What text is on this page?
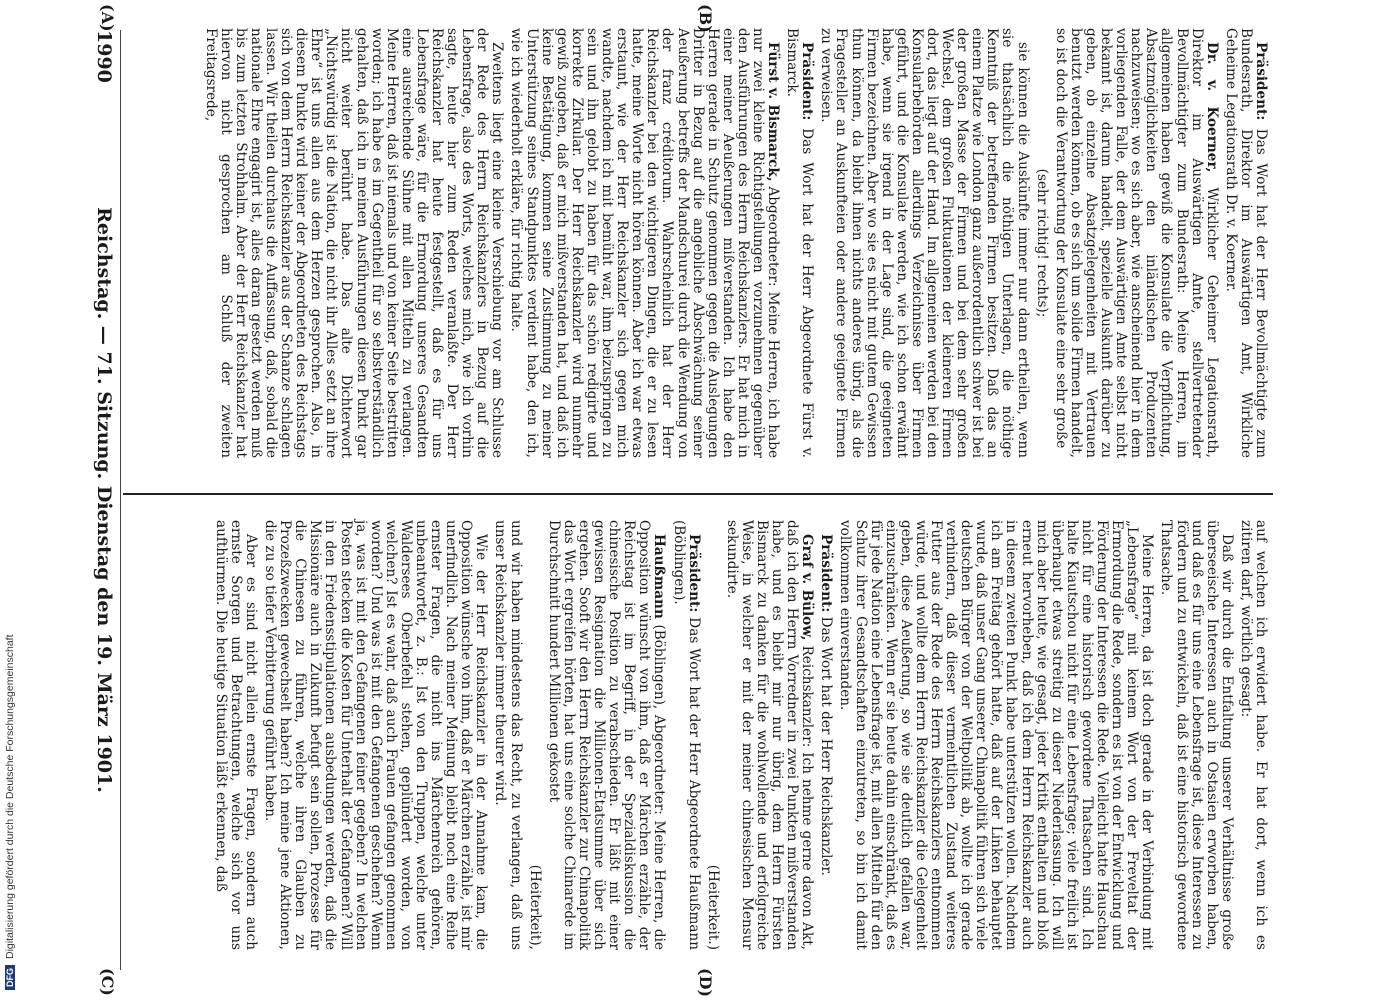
(A)	(B)
(C)	(D)
1990
Reichstag. — 71. Sitzung. Dienstag den 19. März 1901.

Präsident: Das Wort hat der Herr Bevollmächtigte zum Bundesrath, Direktor im Auswärtigen Amt, Wirkliche Geheime Legationsrath Dr. v. Koerner.

Dr. v. Koerner, Wirklicher Geheimer Legationsrath, Direktor im Auswärtigen Amte, stellvertretender Bevollmächtigter zum Bundesrath: Meine Herren, im allgemeinen haben gewiß die Konsulate die Verpflichtung, Absatzmöglichkeiten den inländischen Produzenten nachzuweisen; wo es sich aber, wie anscheinend hier in dem vorliegenden Falle, der dem Auswärtigen Amte selbst nicht bekannt ist, darum handelt, spezielle Auskunft darüber zu geben, ob einzelne Absatzgelegenheiten mit Vertrauen benutzt werden können, ob es sich um solide Firmen handelt, so ist doch die Verantwortung der Konsulate eine sehr große

(sehr richtig! rechts);

sie können die Auskünfte immer nur dann ertheilen, wenn sie thatsächlich die nöthigen Unterlagen, die nöthige Kenntniß der betreffenden Firmen besitzen. Daß das an einem Platze wie London ganz außerordentlich schwer ist bei der großen Masse der Firmen und bei dem sehr großen Wechsel, dem großen Fluktuationen der kleineren Firmen dort, das liegt auf der Hand. Im allgemeinen werden bei den Konsularbehörden allerdings Verzeichnisse über Firmen geführt, und die Konsulate werden, wie ich schon erwähnt habe, wenn sie irgend in der Lage sind, die geeigneten Firmen bezeichnen. Aber wo sie es nicht mit gutem Gewissen thun können, da bleibt ihnen nichts anderes übrig, als die Fragesteller an Auskunfteien oder andere geeignete Firmen zu verweisen.

Präsident: Das Wort hat der Herr Abgeordnete Fürst v. Bismarck.

Fürst v. Bismarck, Abgeordneter: Meine Herren, ich habe nur zwei kleine Richtigstellungen vorzunehmen gegenüber den Ausführungen des Herrn Reichskanzlers. Er hat mich in einer meiner Aeußerungen mißverstanden. Ich habe den Herren gerade in Schutz genommen gegen die Auslegungen Dritter in Bezug auf die angebliche Abschwächung seiner Aeußerung betreffs der Mandschurei durch die Wendung von der franz créditorum. Wahrscheinlich hat der Herr Reichskanzler bei den wichtigeren Dingen, die er zu lesen hatte, meine Worte nicht hören können. Aber ich war etwas erstaunt, wie der Herr Reichskanzler sich gegen mich wandte, nachdem ich mit bemüht war, ihm beizuspringen zu sein und ihn gelobt zu haben für das schön redigirte und korrekte Zirkular. Der Herr Reichskanzler wird nunmehr gewiß zugeben, daß er mich mißverstanden hat, und daß ich keine Bestätigung, kommen seine Zustimmung zu meiner Unterstützung seines Standpunktes verdient habe, den ich, wie ich wiederholt erkläre, für richtig halte.

Zweitens liegt eine kleine Verschiebung vor am Schlusse der Rede des Herrn Reichskanzlers in Bezug auf die Lebensfrage, also des Worts, welches mich, wie ich vorhin sagte, heute hier zum Reden veranlaßte. Der Herr Reichskanzler hat heute festgestellt, daß es für uns Lebensfrage wäre, für die Ermordung unseres Gesandten eine ausreichende Sühne mit allen Mitteln zu verlangen. Meine Herren, daß ist niemals und von keiner Seite bestritten worden; ich habe es im Gegentheil für so selbstverständlich gehalten, daß ich in meinen Ausführungen diesen Punkt gar nicht weiter berührt habe. Das alte Dichterwort „Nichtswürdig ist die Nation, die nicht ihr Alles setzt an ihre Ehre“ ist uns allen aus dem Herzen gesprochen. Also, in diesem Punkte wird keiner der Abgeordneten des Reichstags sich von dem Herrn Reichskanzler aus der Schanze schlagen lassen. Wir theilen durchaus die Auffassung, daß, sobald die nationale Ehre engagirt ist, alles daran gesetzt werden muß bis zum letzten Strohhalm. Aber der Herr Reichskanzler hat hiervon nicht gesprochen am Schluß der zweiten Freitagsrede,

auf welchen ich erwidert habe. Er hat dort, wenn ich es zitiren darf, wörtlich gesagt:

Daß wir durch die Entfaltung unserer Verhältnisse große überseeische Interessen auch in Ostasien erworben haben, und daß es für uns eine Lebensfrage ist, diese Interessen zu fördern und zu entwickeln, daß ist eine historisch gewordene Thatsache.

Meine Herren, da ist doch gerade in der Verbindung mit „Lebensfrage“ mit keinem Wort von der Freveltat der Ermordung die Rede, sondern es ist von der Entwicklung und Förderung der Interessen die Rede. Vielleicht hatte Hauschau nicht für eine historisch gewordene Thatsachen sind. Ich halte Kiautschou nicht für eine Lebensfrage; viele freilich ist überhaupt etwas streitig zu dieser Niederlassung. Ich will mich aber heute, wie gesagt, jeder Kritik enthalten und bloß erneut hervorheben, daß ich dem Herrn Reichskanzler auch in diesem zweiten Punkt habe unterstützen wollen. Nachdem ich am Freitag gehört hatte, daß auf der Linken behauptet wurde, daß unser Gang unserer Chinapolitik führen sich viele deutschen Bürger von der Weltpolitik ab, wollte ich gerade verhindern, daß dieser vermeintlichen Zustand weiteres Futter aus der Rede des Herrn Reichskanzlers entnommen würde, und wollte dem Herrn Reichskanzler die Gelegenheit geben, diese Aeußerung, so wie sie deutlich gefallen war, einzuschränken. Wenn er sie heute dahin einschränkt, daß es für jede Nation eine Lebensfrage ist, mit allen Mitteln für den Schutz ihrer Gesandtschaften einzutreten, so bin ich damit vollkommen einverstanden.

Präsident: Das Wort hat der Herr Reichskanzler.

Graf v. Bülow, Reichskanzler: Ich nehme gerne davon Akt, daß ich den Herrn Vorredner in zwei Punkten mißverstanden habe, und es bleibt mir nur übrig, dem Herrn Fürsten Bismarck zu danken für die wohlwollende und erfolgreiche Weise, in welcher er mit der meiner chinesischen Mensur sekundirte.

(Heiterkeit.)

Präsident: Das Wort hat der Herr Abgeordnete Haußmann (Böblingen).

Haußmann (Böblingen), Abgeordneter: Meine Herren, die Opposition wünscht von ihm, daß er Märchen erzähle, der Reichstag ist im Begriff, in der Spezialdiskussion die chinesische Position zu verabschieden. Er läßt mit einer gewissen Resignation die Millionen-Etatsumme über sich ergehen. Sooft wir den Herrn Reichskanzler zur Chinapolitik das Wort ergreifen hörten, hat uns eine solche Chinarede im Durchschnitt hundert Millionen gekostet

(Heiterkeit),

und wir haben mindestens das Recht, zu verlangen, daß uns unser Reichskanzler immer theurer wird.

Wie der Herr Reichskanzler in der Annahme kam, die Opposition wünsche von ihm, daß er Märchen erzähle, ist mir unerfindlich. Nach meiner Meinung bleibt noch eine Reihe ernster Fragen, die nicht ins Märchenreich gehören, unbeantwortet, z. B.: Ist von den Truppen, welche unter Waldersees Oberbefehl stehen, geplündert worden, von welchen? Ist es wahr, daß auch Frauen gefangen genommen worden? Und was ist mit den Gefangenen geschehen? Wenn ja, was ist mit den Gefangenen feiner gegeben? In welchen Posten stecken die Kosten für Unterhalt der Gefangenen? Will in den Friedensstipulationen ausbedungen werden, daß die Missionäre auch in Zukunft befugt sein sollen, Prozesse für die Chinesen zu führen, welche ihren Glauben zu Prozeßzwecken gewechselt haben? Ich meine jene Aktionen, die zu so tiefer Verbitterung geführt haben.

Aber es sind nicht allein ernste Fragen, sondern auch ernste Sorgen und Betrachtungen, welche sich vor uns aufthürmen. Die heutige Situation läßt erkennen, daß

DFGDigitalisierung gefördert durch die Deutsche Forschungsgemeinschaft
